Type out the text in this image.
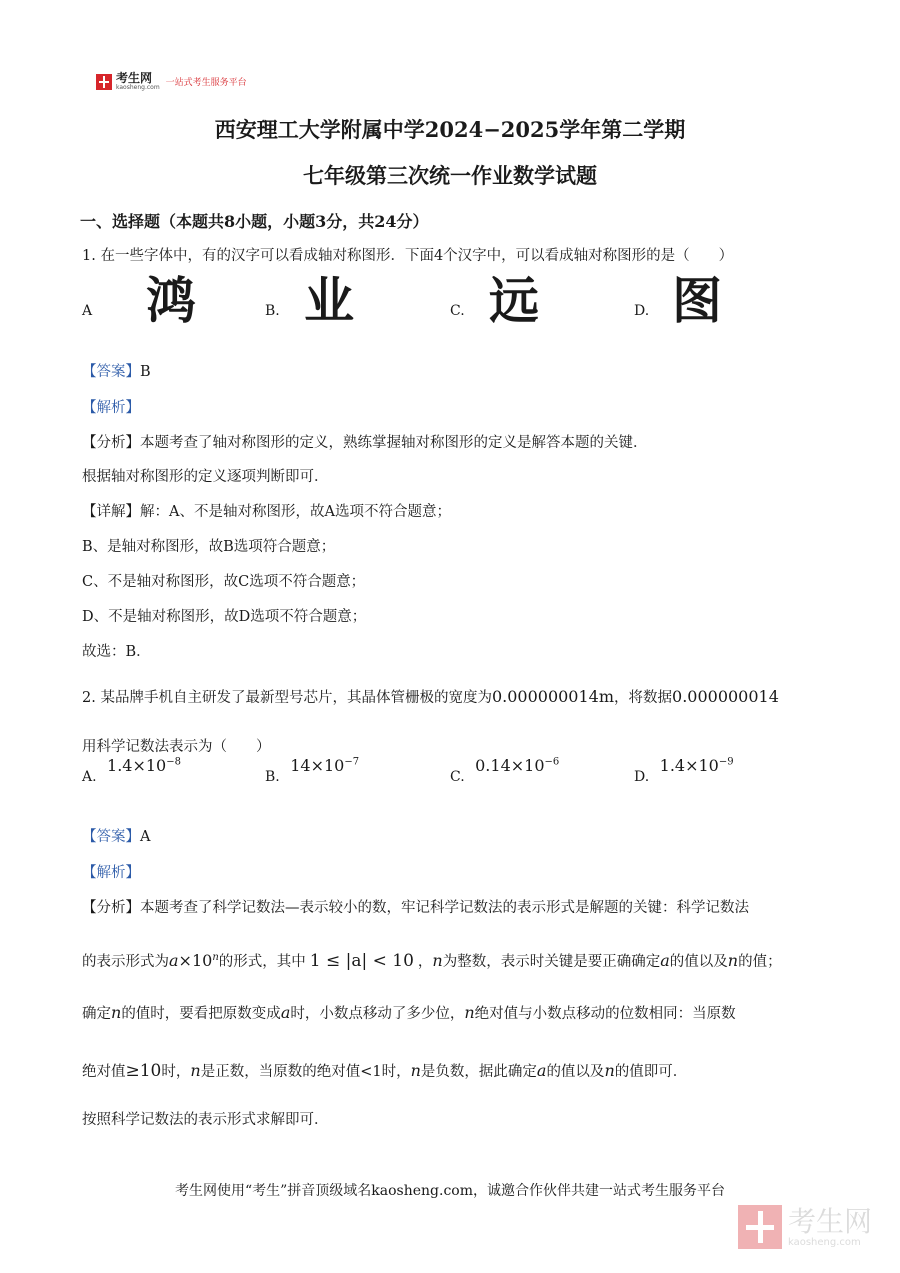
考生网
kaosheng.com 一站式考生服务平台
西安理工大学附属中学2024−2025学年第二学期
七年级第三次统一作业数学试题
一、选择题（本题共8小题，小题3分，共24分）
1. 在一些字体中，有的汉字可以看成轴对称图形．下面4个汉字中，可以看成轴对称图形的是（　　）
A 鸿	B. 业	C. 远	D. 图
【答案】B
【解析】
【分析】本题考查了轴对称图形的定义，熟练掌握轴对称图形的定义是解答本题的关键．
根据轴对称图形的定义逐项判断即可．
【详解】解：A、不是轴对称图形，故A选项不符合题意；
B、是轴对称图形，故B选项符合题意；
C、不是轴对称图形，故C选项不符合题意；
D、不是轴对称图形，故D选项不符合题意；
故选：B．
2. 某品牌手机自主研发了最新型号芯片，其晶体管栅极的宽度为0.000000014m，将数据0.000000014
用科学记数法表示为（　　）
A. $1.4\times 10^{-8}$
B. $14\times 10^{-7}$
C. $0.14\times 10^{-6}$
D. $1.4\times 10^{-9}$
【答案】A
【解析】
【分析】本题考查了科学记数法—表示较小的数，牢记科学记数法的表示形式是解题的关键：科学记数法
的表示形式为$a\times 10^n$的形式，其中 1 ≤ |a| < 10 ，n为整数，表示时关键是要正确确定a的值以及n的值；
确定n的值时，要看把原数变成a时，小数点移动了多少位，n绝对值与小数点移动的位数相同：当原数
绝对值≥10时，n是正数，当原数的绝对值<1时，n是负数，据此确定a的值以及n的值即可．
按照科学记数法的表示形式求解即可．
考生网使用“考生”拼音顶级域名kaosheng.com，诚邀合作伙伴共建一站式考生服务平台
考生网
kaosheng.com
